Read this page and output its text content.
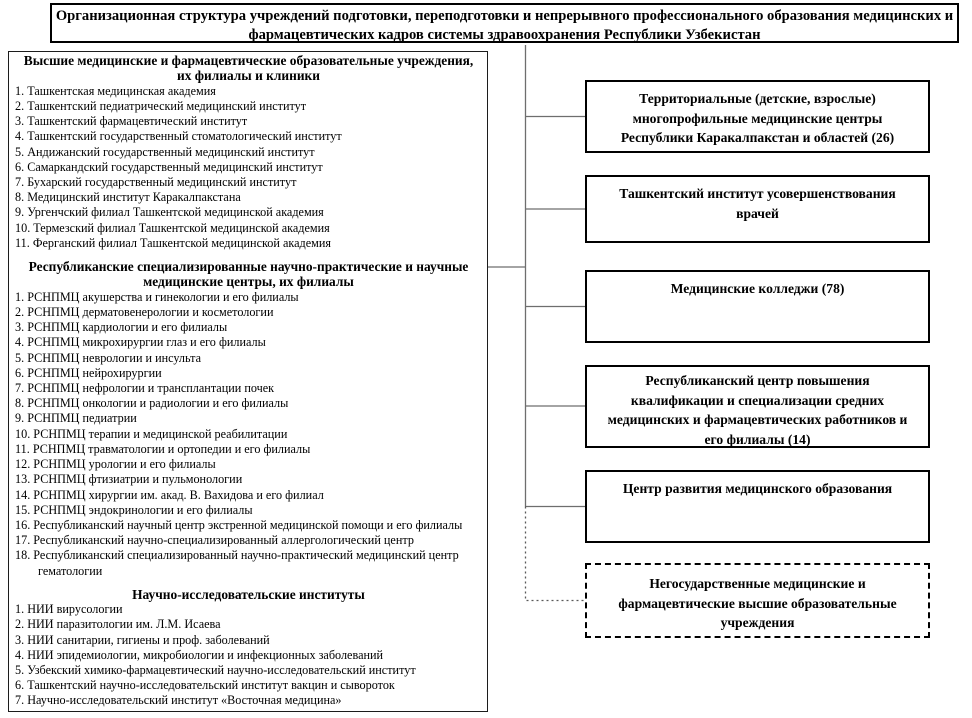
Организационная структура учреждений подготовки, переподготовки и непрерывного профессионального образования медицинских и фармацевтических кадров системы здравоохранения Республики Узбекистан
Высшие медицинские и фармацевтические образовательные учреждения, их филиалы и клиники
1. Ташкентская медицинская академия
2. Ташкентский педиатрический медицинский институт
3. Ташкентский фармацевтический институт
4. Ташкентский государственный стоматологический институт
5. Андижанский государственный медицинский институт
6. Самаркандский государственный медицинский институт
7. Бухарский государственный медицинский институт
8. Медицинский институт Каракалпакстана
9. Ургенчский филиал Ташкентской медицинской академия
10. Термезский филиал Ташкентской медицинской академия
11. Ферганский филиал Ташкентской медицинской академия
Республиканские специализированные научно-практические и научные медицинские центры, их филиалы
1. РСНПМЦ акушерства и гинекологии и его филиалы
2. РСНПМЦ дерматовенерологии и косметологии
3. РСНПМЦ кардиологии и его филиалы
4. РСНПМЦ микрохирургии глаз и его филиалы
5. РСНПМЦ неврологии и инсульта
6. РСНПМЦ нейрохирургии
7. РСНПМЦ нефрологии и трансплантации почек
8. РСНПМЦ онкологии и радиологии и его филиалы
9. РСНПМЦ педиатрии
10. РСНПМЦ терапии и медицинской реабилитации
11. РСНПМЦ травматологии и ортопедии и его филиалы
12. РСНПМЦ урологии и его филиалы
13. РСНПМЦ фтизиатрии и пульмонологии
14. РСНПМЦ хирургии им. акад. В. Вахидова и его филиал
15. РСНПМЦ эндокринологии и его филиалы
16. Республиканский научный центр экстренной медицинской помощи и его филиалы
17. Республиканский научно-специализированный аллергологический центр
18. Республиканский специализированный научно-практический медицинский центр гематологии
Научно-исследовательские институты
1. НИИ вирусологии
2. НИИ паразитологии им. Л.М. Исаева
3. НИИ санитарии, гигиены и проф. заболеваний
4. НИИ эпидемиологии, микробиологии и инфекционных заболеваний
5. Узбекский химико-фармацевтический научно-исследовательский институт
6. Ташкентский научно-исследовательский институт вакцин и сывороток
7. Научно-исследовательский институт «Восточная медицина»
Территориальные (детские, взрослые) многопрофильные медицинские центры Республики Каракалпакстан и областей (26)
Ташкентский институт усовершенствования врачей
Медицинские колледжи (78)
Республиканский центр повышения квалификации и специализации средних медицинских и фармацевтических работников и его филиалы (14)
Центр развития медицинского образования
Негосударственные медицинские и фармацевтические высшие образовательные учреждения
